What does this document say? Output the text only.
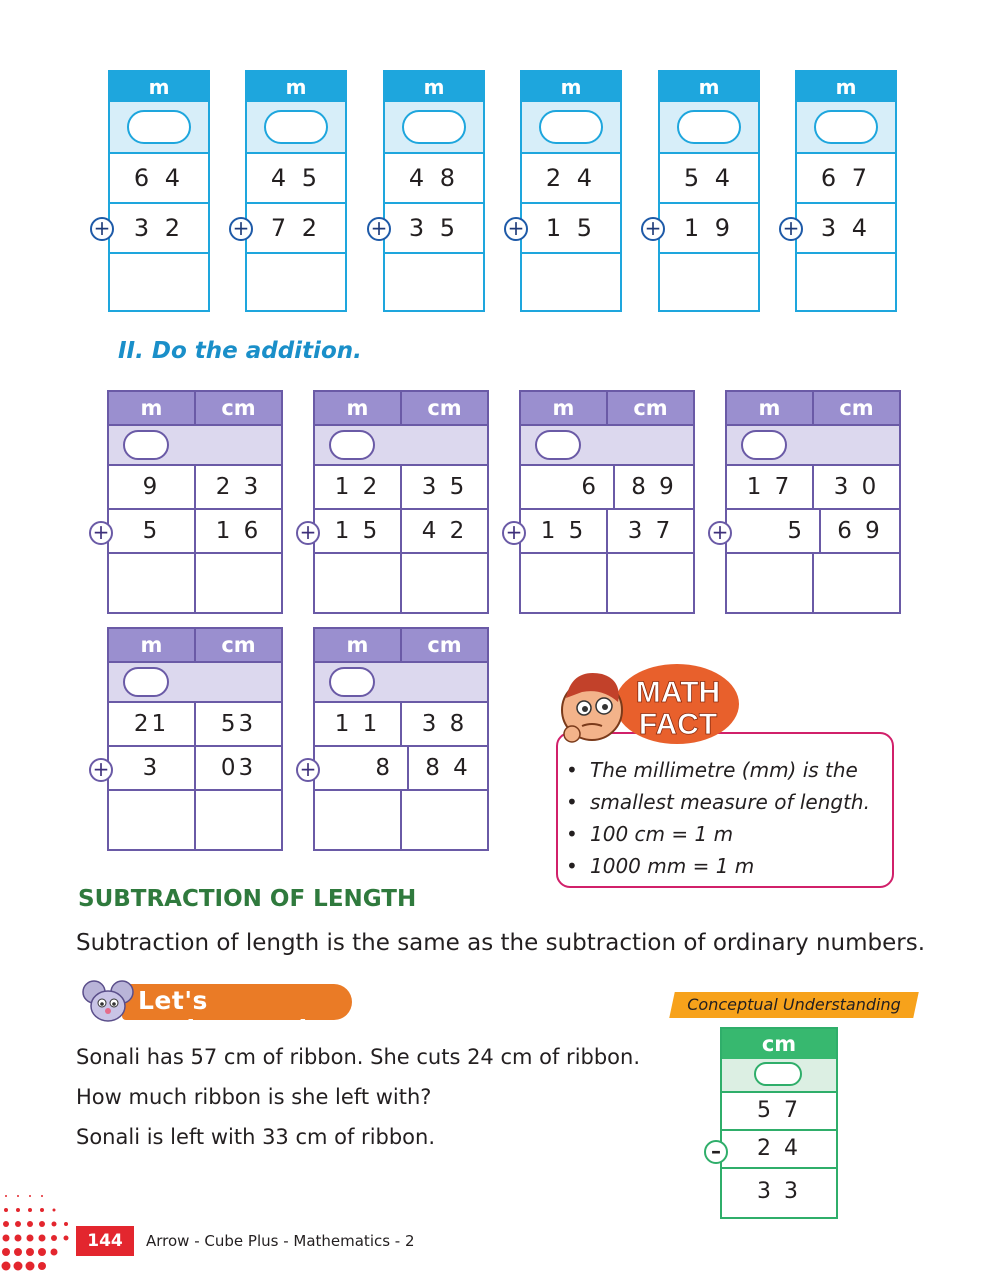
m
6 4
3 2
+
m
4 5
7 2
+
m
4 8
3 5
+
m
2 4
1 5
+
m
5 4
1 9
+
m
6 7
3 4
+
II. Do the addition.
m	cm
9	2 3
5	1 6
+
m	cm
1 2	3 5
1 5	4 2
+
m	cm
6	8 9
1 5	3 7
+
m	cm
1 7	3 0
5	6 9
+
m	cm
21	53
3	03
+
m	cm
1 1	3 8
8	8 4
+
•	The millimetre (mm) is the
• smallest measure of length.
• 100 cm = 1 m
• 1000 mm = 1 m
MATH
FACT
SUBTRACTION OF LENGTH
Subtraction of length is the same as the subtraction of ordinary numbers.
Let's Understand
Conceptual Understanding
Sonali has 57 cm of ribbon. She cuts 24 cm of ribbon.
How much ribbon is she left with?
Sonali is left with 33 cm of ribbon.
cm
5 7
2 4
3 3
–
144	Arrow - Cube Plus - Mathematics - 2
